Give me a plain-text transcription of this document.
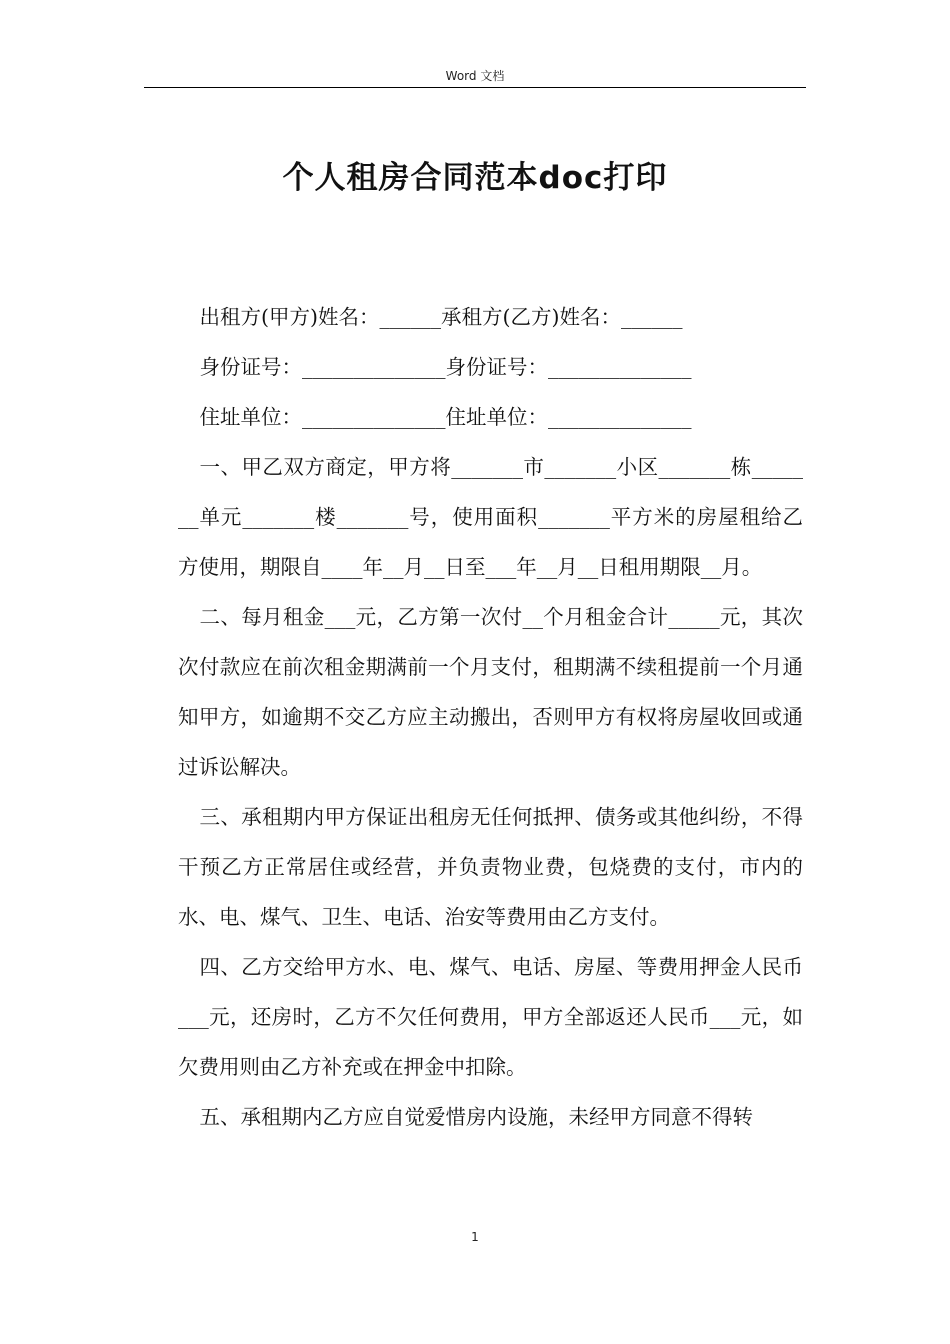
Word 文档
个人租房合同范本doc打印

出租方(甲方)姓名：______承租方(乙方)姓名：______

身份证号：______________身份证号：______________

住址单位：______________住址单位：______________

一、甲乙双方商定，甲方将_______市_______小区_______栋_______单元_______楼_______号，使用面积_______平方米的房屋租给乙方使用，期限自____年__月__日至___年__月__日租用期限__月。

二、每月租金___元，乙方第一次付__个月租金合计_____元，其次次付款应在前次租金期满前一个月支付，租期满不续租提前一个月通知甲方，如逾期不交乙方应主动搬出，否则甲方有权将房屋收回或通过诉讼解决。

三、承租期内甲方保证出租房无任何抵押、债务或其他纠纷，不得干预乙方正常居住或经营，并负责物业费，包烧费的支付，市内的水、电、煤气、卫生、电话、治安等费用由乙方支付。

四、乙方交给甲方水、电、煤气、电话、房屋、等费用押金人民币___元，还房时，乙方不欠任何费用，甲方全部返还人民币___元，如欠费用则由乙方补充或在押金中扣除。

五、承租期内乙方应自觉爱惜房内设施，未经甲方同意不得转

1
